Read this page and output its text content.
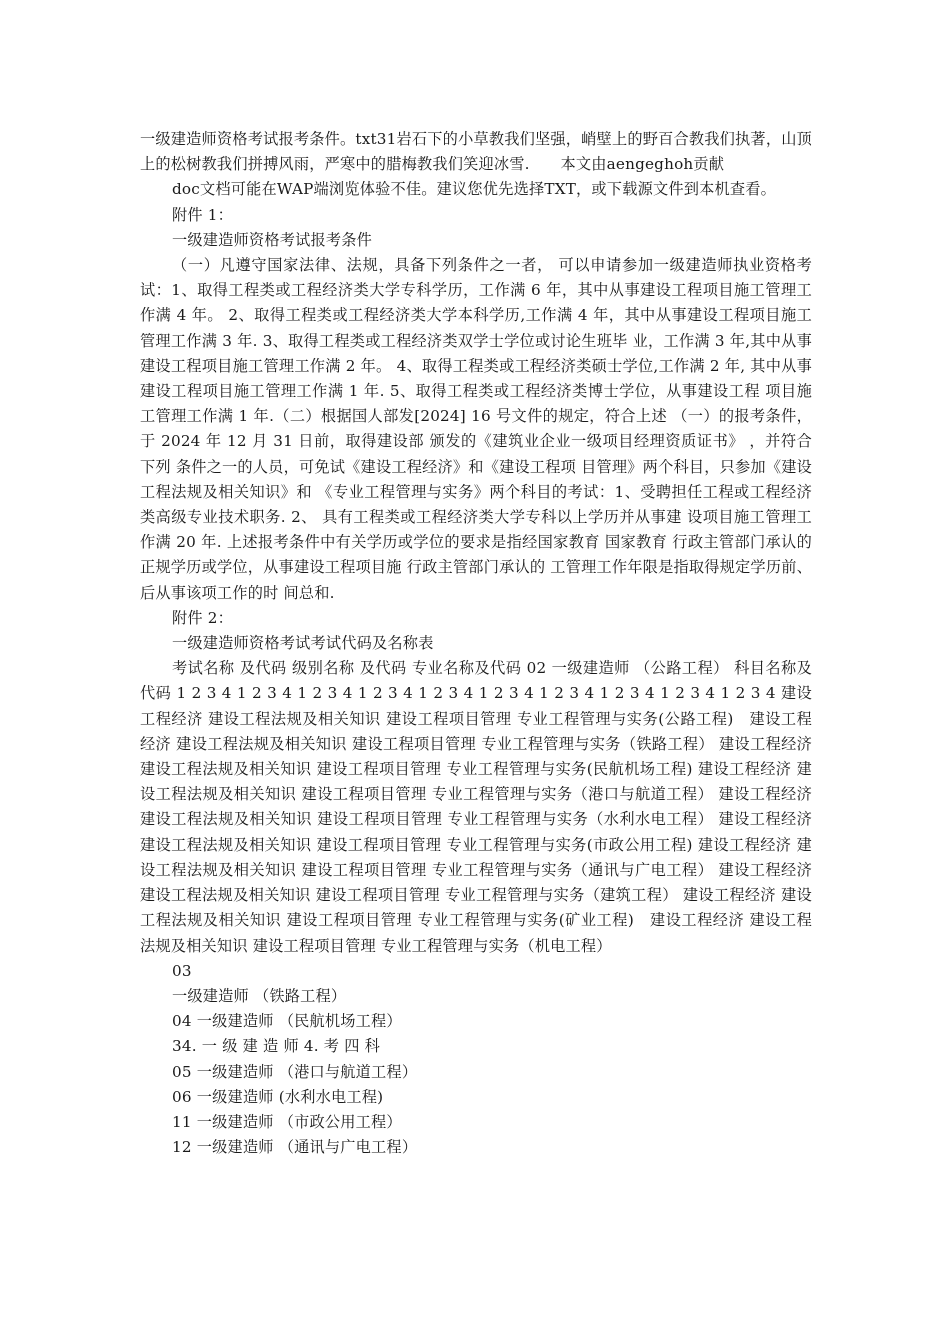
一级建造师资格考试报考条件。txt31岩石下的小草教我们坚强，峭壁上的野百合教我们执著，山顶上的松树教我们拼搏风雨，严寒中的腊梅教我们笑迎冰雪.　　本文由aengeghoh贡献

doc文档可能在WAP端浏览体验不佳。建议您优先选择TXT，或下载源文件到本机查看。

附件 1：

一级建造师资格考试报考条件

（一）凡遵守国家法律、法规，具备下列条件之一者， 可以申请参加一级建造师执业资格考试：1、取得工程类或工程经济类大学专科学历，工作满 6 年，其中从事建设工程项目施工管理工作满 4 年。 2、取得工程类或工程经济类大学本科学历,工作满 4 年，其中从事建设工程项目施工管理工作满 3 年. 3、取得工程类或工程经济类双学士学位或讨论生班毕 业，工作满 3 年,其中从事建设工程项目施工管理工作满 2 年。 4、取得工程类或工程经济类硕士学位,工作满 2 年, 其中从事建设工程项目施工管理工作满 1 年. 5、取得工程类或工程经济类博士学位，从事建设工程 项目施工管理工作满 1 年.（二）根据国人部发[2024] 16 号文件的规定，符合上述 （一）的报考条件，于 2024 年 12 月 31 日前，取得建设部 颁发的《建筑业企业一级项目经理资质证书》 ，并符合下列 条件之一的人员，可免试《建设工程经济》和《建设工程项 目管理》两个科目，只参加《建设工程法规及相关知识》和 《专业工程管理与实务》两个科目的考试：1、受聘担任工程或工程经济类高级专业技术职务. 2、 具有工程类或工程经济类大学专科以上学历并从事建 设项目施工管理工作满 20 年. 上述报考条件中有关学历或学位的要求是指经国家教育 国家教育 行政主管部门承认的正规学历或学位，从事建设工程项目施 行政主管部门承认的 工管理工作年限是指取得规定学历前、后从事该项工作的时 间总和.

附件 2：

一级建造师资格考试考试代码及名称表

考试名称 及代码 级别名称 及代码 专业名称及代码 02 一级建造师 （公路工程） 科目名称及代码 1 2 3 4 1 2 3 4 1 2 3 4 1 2 3 4 1 2 3 4 1 2 3 4 1 2 3 4 1 2 3 4 1 2 3 4 1 2 3 4 建设工程经济 建设工程法规及相关知识 建设工程项目管理 专业工程管理与实务(公路工程)　建设工程经济 建设工程法规及相关知识 建设工程项目管理 专业工程管理与实务（铁路工程） 建设工程经济 建设工程法规及相关知识 建设工程项目管理 专业工程管理与实务(民航机场工程) 建设工程经济 建设工程法规及相关知识 建设工程项目管理 专业工程管理与实务（港口与航道工程） 建设工程经济 建设工程法规及相关知识 建设工程项目管理 专业工程管理与实务（水利水电工程） 建设工程经济 建设工程法规及相关知识 建设工程项目管理 专业工程管理与实务(市政公用工程) 建设工程经济 建设工程法规及相关知识 建设工程项目管理 专业工程管理与实务（通讯与广电工程） 建设工程经济 建设工程法规及相关知识 建设工程项目管理 专业工程管理与实务（建筑工程） 建设工程经济 建设工程法规及相关知识 建设工程项目管理 专业工程管理与实务(矿业工程)　建设工程经济 建设工程法规及相关知识 建设工程项目管理 专业工程管理与实务（机电工程）

03

一级建造师 （铁路工程）

04 一级建造师 （民航机场工程）

34. 一 级 建 造 师 4. 考 四 科

05 一级建造师 （港口与航道工程）

06 一级建造师 (水利水电工程)

11 一级建造师 （市政公用工程）

12 一级建造师 （通讯与广电工程）
